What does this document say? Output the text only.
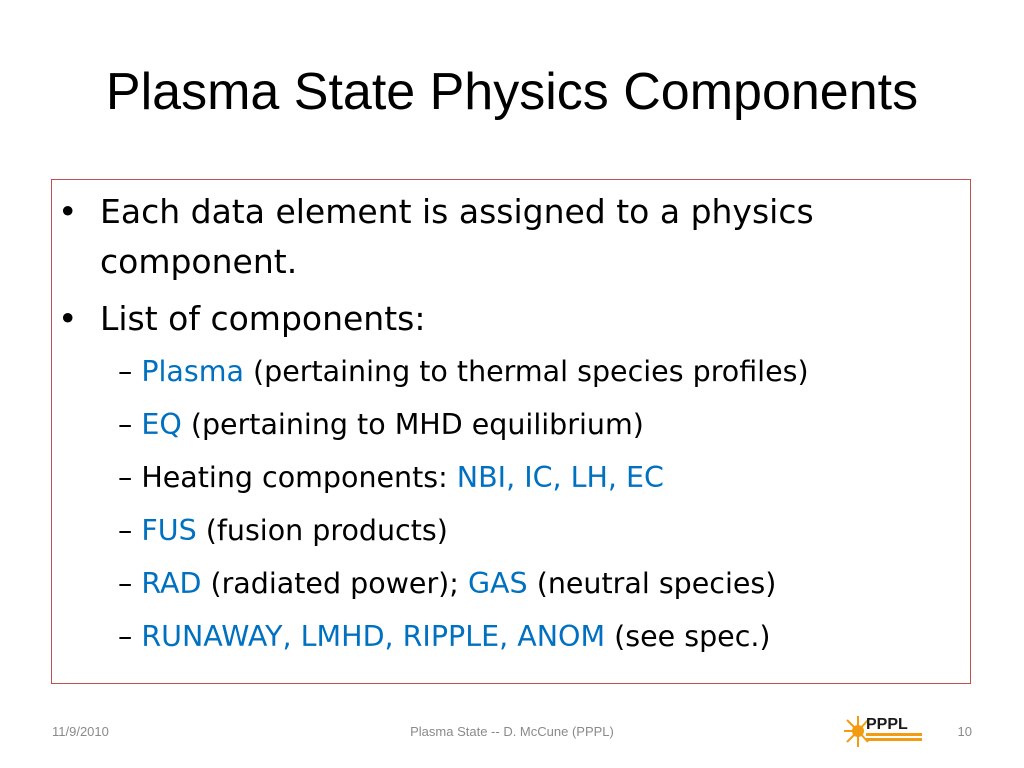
Plasma State Physics Components
• Each data element is assigned to a physics component.
• List of components:
– Plasma (pertaining to thermal species profiles)
– EQ (pertaining to MHD equilibrium)
– Heating components: NBI, IC, LH, EC
– FUS (fusion products)
– RAD (radiated power); GAS (neutral species)
– RUNAWAY, LMHD, RIPPLE, ANOM (see spec.)
11/9/2010	Plasma State -- D. McCune (PPPL)	10
PPPL
